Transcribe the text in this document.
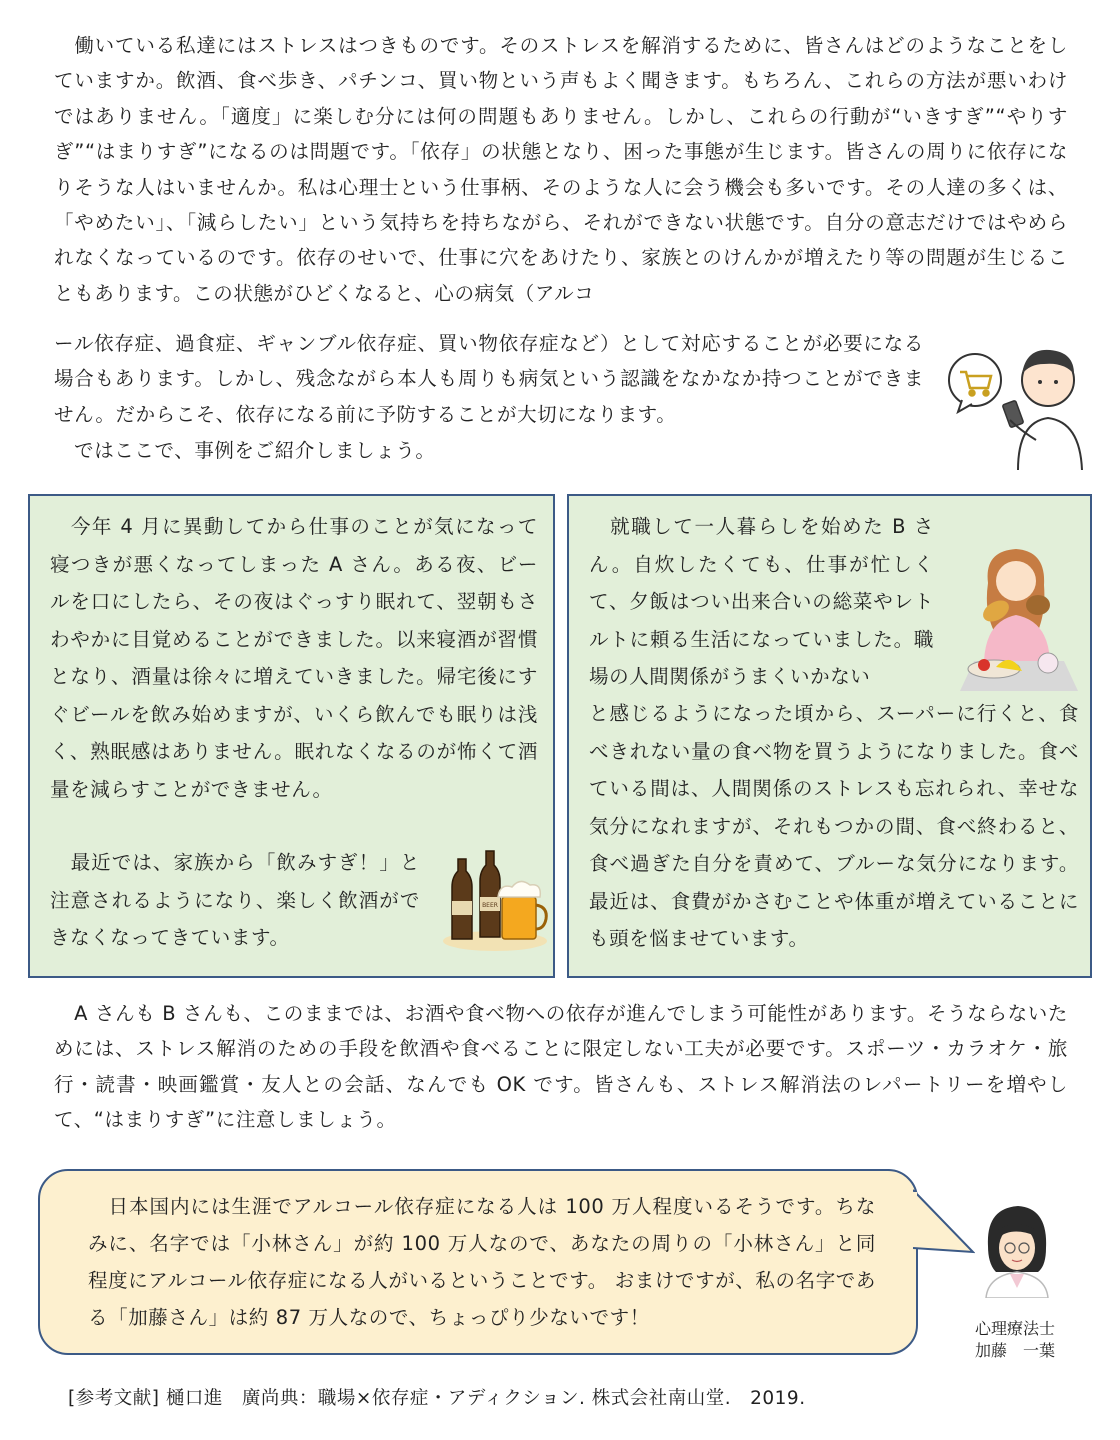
　働いている私達にはストレスはつきものです。そのストレスを解消するために、皆さんはどのようなことをしていますか。飲酒、食べ歩き、パチンコ、買い物という声もよく聞きます。もちろん、これらの方法が悪いわけではありません。「適度」に楽しむ分には何の問題もありません。しかし、これらの行動が“いきすぎ”“やりすぎ”“はまりすぎ”になるのは問題です。「依存」の状態となり、困った事態が生じます。皆さんの周りに依存になりそうな人はいませんか。私は心理士という仕事柄、そのような人に会う機会も多いです。その人達の多くは、「やめたい」、「減らしたい」という気持ちを持ちながら、それができない状態です。自分の意志だけではやめられなくなっているのです。依存のせいで、仕事に穴をあけたり、家族とのけんかが増えたり等の問題が生じることもあります。この状態がひどくなると、心の病気（アルコ

ール依存症、過食症、ギャンブル依存症、買い物依存症など）として対応することが必要になる場合もあります。しかし、残念ながら本人も周りも病気という認識をなかなか持つことができません。だからこそ、依存になる前に予防することが大切になります。

　ではここで、事例をご紹介しましょう。

　今年 4 月に異動してから仕事のことが気になって寝つきが悪くなってしまった A さん。ある夜、ビールを口にしたら、その夜はぐっすり眠れて、翌朝もさわやかに目覚めることができました。以来寝酒が習慣となり、酒量は徐々に増えていきました。帰宅後にすぐビールを飲み始めますが、いくら飲んでも眠りは浅く、熟眠感はありません。眠れなくなるのが怖くて酒量を減らすことができません。

　最近では、家族から「飲みすぎ！」と注意されるようになり、楽しく飲酒ができなくなってきています。

BEER

　就職して一人暮らしを始めた B さん。自炊したくても、仕事が忙しくて、夕飯はつい出来合いの総菜やレトルトに頼る生活になっていました。職場の人間関係がうまくいかない

と感じるようになった頃から、スーパーに行くと、食べきれない量の食べ物を買うようになりました。食べている間は、人間関係のストレスも忘れられ、幸せな気分になれますが、それもつかの間、食べ終わると、食べ過ぎた自分を責めて、ブルーな気分になります。最近は、食費がかさむことや体重が増えていることにも頭を悩ませています。

　A さんも B さんも、このままでは、お酒や食べ物への依存が進んでしまう可能性があります。そうならないためには、ストレス解消のための手段を飲酒や食べることに限定しない工夫が必要です。スポーツ・カラオケ・旅行・読書・映画鑑賞・友人との会話、なんでも OK です。皆さんも、ストレス解消法のレパートリーを増やして、“はまりすぎ”に注意しましょう。

　日本国内には生涯でアルコール依存症になる人は 100 万人程度いるそうです。ちなみに、名字では「小林さん」が約 100 万人なので、あなたの周りの「小林さん」と同程度にアルコール依存症になる人がいるということです。 おまけですが、私の名字である「加藤さん」は約 87 万人なので、ちょっぴり少ないです！	心理療法士
加藤　一葉
[参考文献] 樋口進　廣尚典：職場×依存症・アディクション. 株式会社南山堂.　2019.
